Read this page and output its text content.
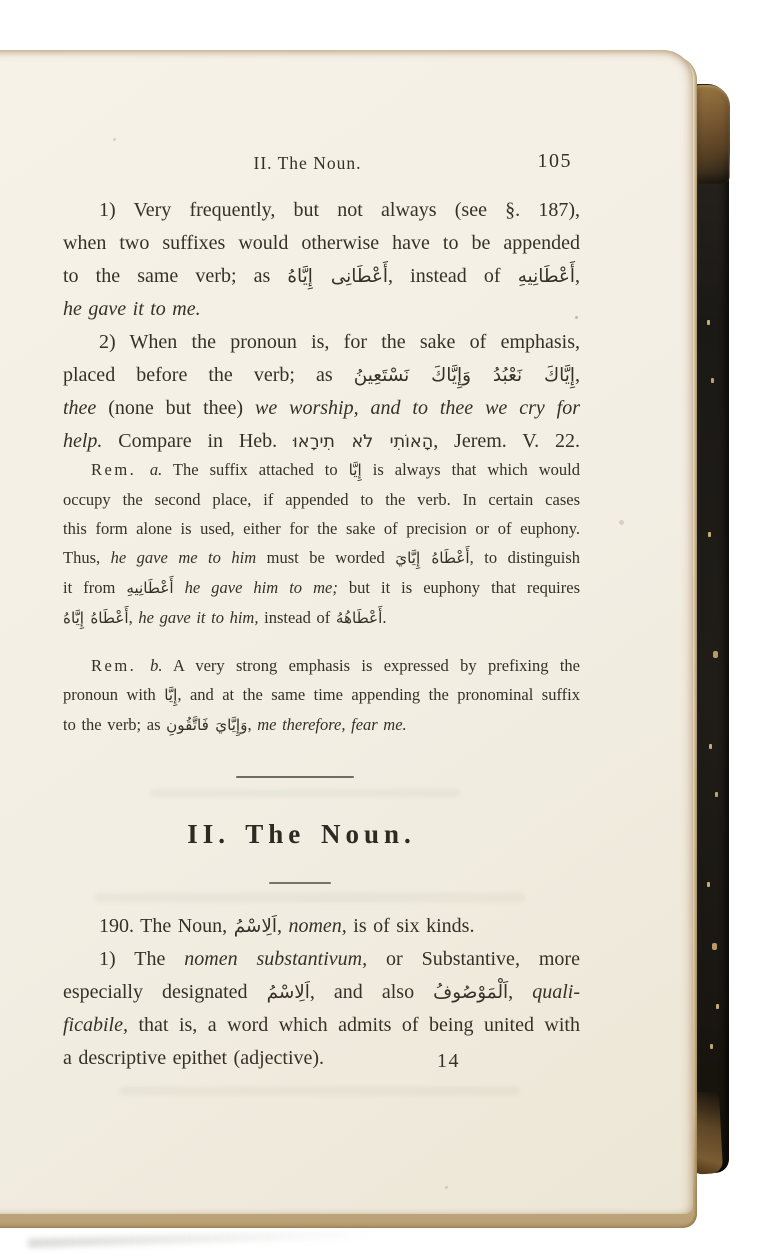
II. The Noun.	105
1) Very frequently, but not always (see §. 187),
when two suffixes would otherwise have to be appended
to the same verb; as أَعْطَانِى إِيَّاهُ, instead of أَعْطَانِيهِ,
he gave it to me.
2) When the pronoun is, for the sake of emphasis,
placed before the verb; as إِيَّاكَ نَعْبُدُ وَإِيَّاكَ نَسْتَعِينُ,
thee (none but thee) we worship, and to thee we cry for
help. Compare in Heb. הָאוֹתִי לֹא תִירָאוּ, Jerem. V. 22.
Rem. a. The suffix attached to إِيَّا is always that which would
occupy the second place, if appended to the verb. In certain cases
this form alone is used, either for the sake of precision or of euphony.
Thus, he gave me to him must be worded أَعْطَاهُ إِيَّايَ, to distinguish
it from أَعْطَانِيهِ he gave him to me; but it is euphony that requires
أَعْطَاهُ إِيَّاهُ, he gave it to him, instead of أَعْطَاهُهُ.
Rem. b. A very strong emphasis is expressed by prefixing the
pronoun with إِيَّا, and at the same time appending the pronominal suffix
to the verb; as وَإِيَّايَ فَاتَّقُونِ, me therefore, fear me.
II. The Noun.
190. The Noun, اَلِاسْمُ, nomen, is of six kinds.
1) The nomen substantivum, or Substantive, more
especially designated اَلِاسْمُ, and also اَلْمَوْصُوفُ, quali-
ficabile, that is, a word which admits of being united with
a descriptive epithet (adjective).	14
